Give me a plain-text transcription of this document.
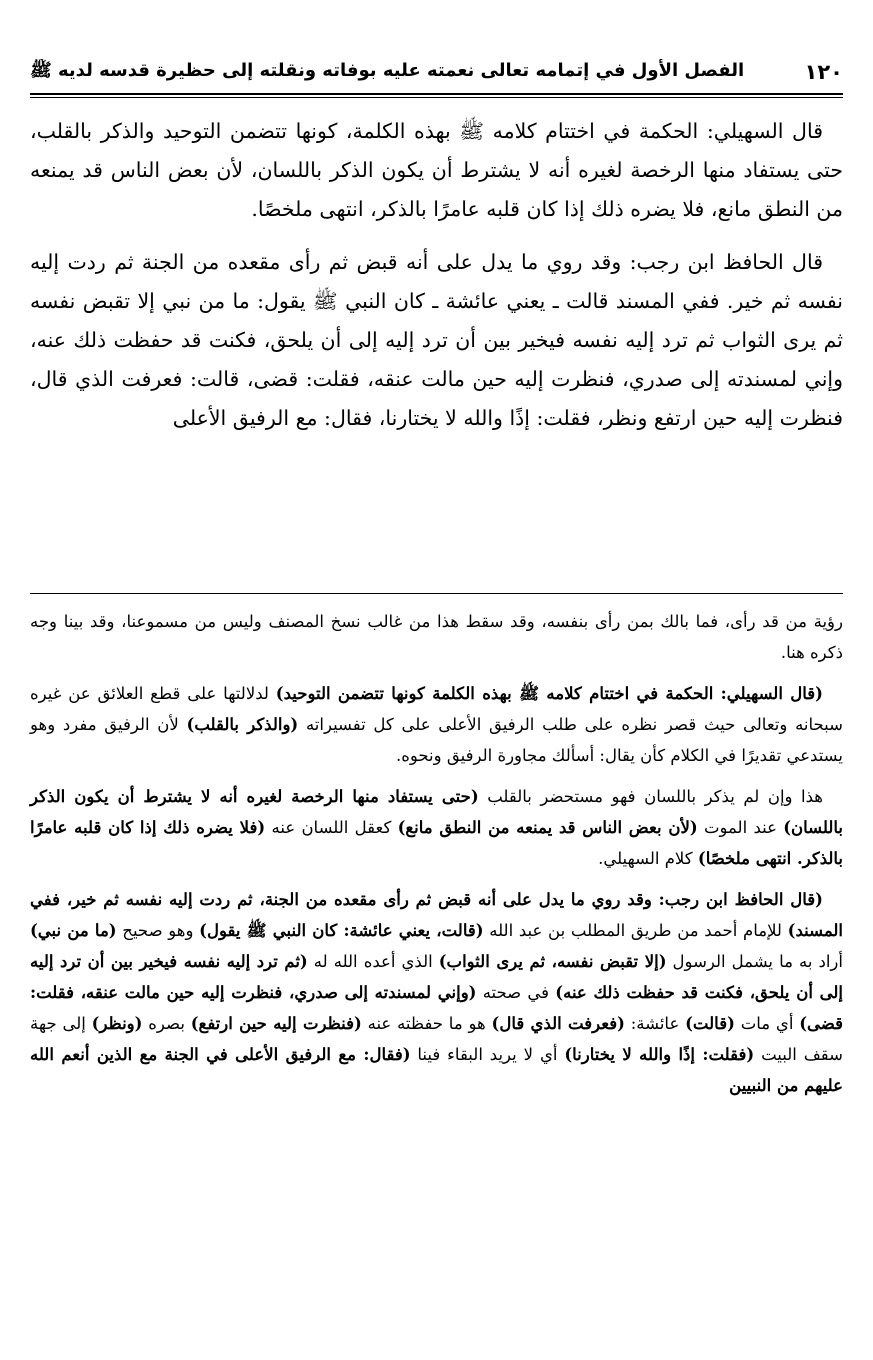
١٢٠
الفصل الأول في إتمامه تعالى نعمته عليه بوفاته ونقلته إلى حظيرة قدسه لديه ﷺ

قال السهيلي: الحكمة في اختتام كلامه ﷺ بهذه الكلمة، كونها تتضمن التوحيد والذكر بالقلب، حتى يستفاد منها الرخصة لغيره أنه لا يشترط أن يكون الذكر باللسان، لأن بعض الناس قد يمنعه من النطق مانع، فلا يضره ذلك إذا كان قلبه عامرًا بالذكر، انتهى ملخصًا.

قال الحافظ ابن رجب: وقد روي ما يدل على أنه قبض ثم رأى مقعده من الجنة ثم ردت إليه نفسه ثم خير. ففي المسند قالت ـ يعني عائشة ـ كان النبي ﷺ يقول: ما من نبي إلا تقبض نفسه ثم يرى الثواب ثم ترد إليه نفسه فيخير بين أن ترد إليه إلى أن يلحق، فكنت قد حفظت ذلك عنه، وإني لمسندته إلى صدري، فنظرت إليه حين مالت عنقه، فقلت: قضى، قالت: فعرفت الذي قال، فنظرت إليه حين ارتفع ونظر، فقلت: إذًا والله لا يختارنا، فقال: مع الرفيق الأعلى

رؤية من قد رأى، فما بالك بمن رأى بنفسه، وقد سقط هذا من غالب نسخ المصنف وليس من مسموعنا، وقد بينا وجه ذكره هنا.

(قال السهيلي: الحكمة في اختتام كلامه ﷺ بهذه الكلمة كونها تتضمن التوحيد) لدلالتها على قطع العلائق عن غيره سبحانه وتعالى حيث قصر نظره على طلب الرفيق الأعلى على كل تفسيراته (والذكر بالقلب) لأن الرفيق مفرد وهو يستدعي تقديرًا في الكلام كأن يقال: أسألك مجاورة الرفيق ونحوه.

هذا وإن لم يذكر باللسان فهو مستحضر بالقلب (حتى يستفاد منها الرخصة لغيره أنه لا يشترط أن يكون الذكر باللسان) عند الموت (لأن بعض الناس قد يمنعه من النطق مانع) كعقل اللسان عنه (فلا يضره ذلك إذا كان قلبه عامرًا بالذكر. انتهى ملخصًا) كلام السهيلي.

(قال الحافظ ابن رجب: وقد روي ما يدل على أنه قبض ثم رأى مقعده من الجنة، ثم ردت إليه نفسه ثم خير، ففي المسند) للإمام أحمد من طريق المطلب بن عبد الله (قالت، يعني عائشة: كان النبي ﷺ يقول) وهو صحيح (ما من نبي) أراد به ما يشمل الرسول (إلا تقبض نفسه، ثم يرى الثواب) الذي أعده الله له (ثم ترد إليه نفسه فيخير بين أن ترد إليه إلى أن يلحق، فكنت قد حفظت ذلك عنه) في صحته (وإني لمسندته إلى صدري، فنظرت إليه حين مالت عنقه، فقلت: قضى) أي مات (قالت) عائشة: (فعرفت الذي قال) هو ما حفظته عنه (فنظرت إليه حين ارتفع) بصره (ونظر) إلى جهة سقف البيت (فقلت: إذًا والله لا يختارنا) أي لا يريد البقاء فينا (فقال: مع الرفيق الأعلى في الجنة مع الذين أنعم الله عليهم من النبيين
